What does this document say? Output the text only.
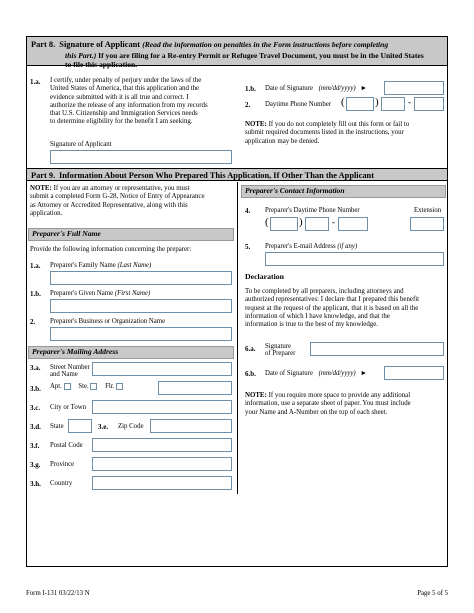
Part 8. Signature of Applicant (Read the information on penalties in the Form instructions before completing
this Part.) If you are filing for a Re-entry Permit or Refugee Travel Document, you must be in the United States
to file this application.
1.a. I certify, under penalty of perjury under the laws of the
United States of America, that this application and the
evidence submitted with it is all true and correct. I
authorize the release of any information from my records
that U.S. Citizenship and Immigration Services needs
to determine eligibility for the benefit I am seeking.
Signature of Applicant
1.b. Date of Signature (mm/dd/yyyy) ►
2. Daytime Phone Number (	)	-
NOTE: If you do not completely fill out this form or fail to
submit required documents listed in the instructions, your
application may be denied.
Part 9. Information About Person Who Prepared This Application, If Other Than the Applicant
NOTE: If you are an attorney or representative, you must
submit a completed Form G-28, Notice of Entry of Appearance
as Attorney or Accredited Representative, along with this
application.
Preparer's Full Name
Provide the following information concerning the preparer:
1.a. Preparer's Family Name (Last Name)
1.b. Preparer's Given Name (First Name)
2. Preparer's Business or Organization Name
Preparer's Mailing Address
3.a. Street Number
and Name
3.b. Apt. Ste. Flr.
3.c. City or Town
3.d. State	3.e. Zip Code
3.f. Postal Code
3.g. Province
3.h. Country
Preparer's Contact Information
4. Preparer's Daytime Phone Number	Extension
(	)	-
5. Preparer's E-mail Address (if any)
Declaration
To be completed by all preparers, including attorneys and
authorized representatives: I declare that I prepared this benefit
request at the request of the applicant, that it is based on all the
information of which I have knowledge, and that the
information is true to the best of my knowledge.
6.a. Signature
of Preparer
6.b. Date of Signature (mm/dd/yyyy) ►
NOTE: If you require more space to provide any additional
information, use a separate sheet of paper. You must include
your Name and A-Number on the top of each sheet.
Form I-131 03/22/13 N	Page 5 of 5
